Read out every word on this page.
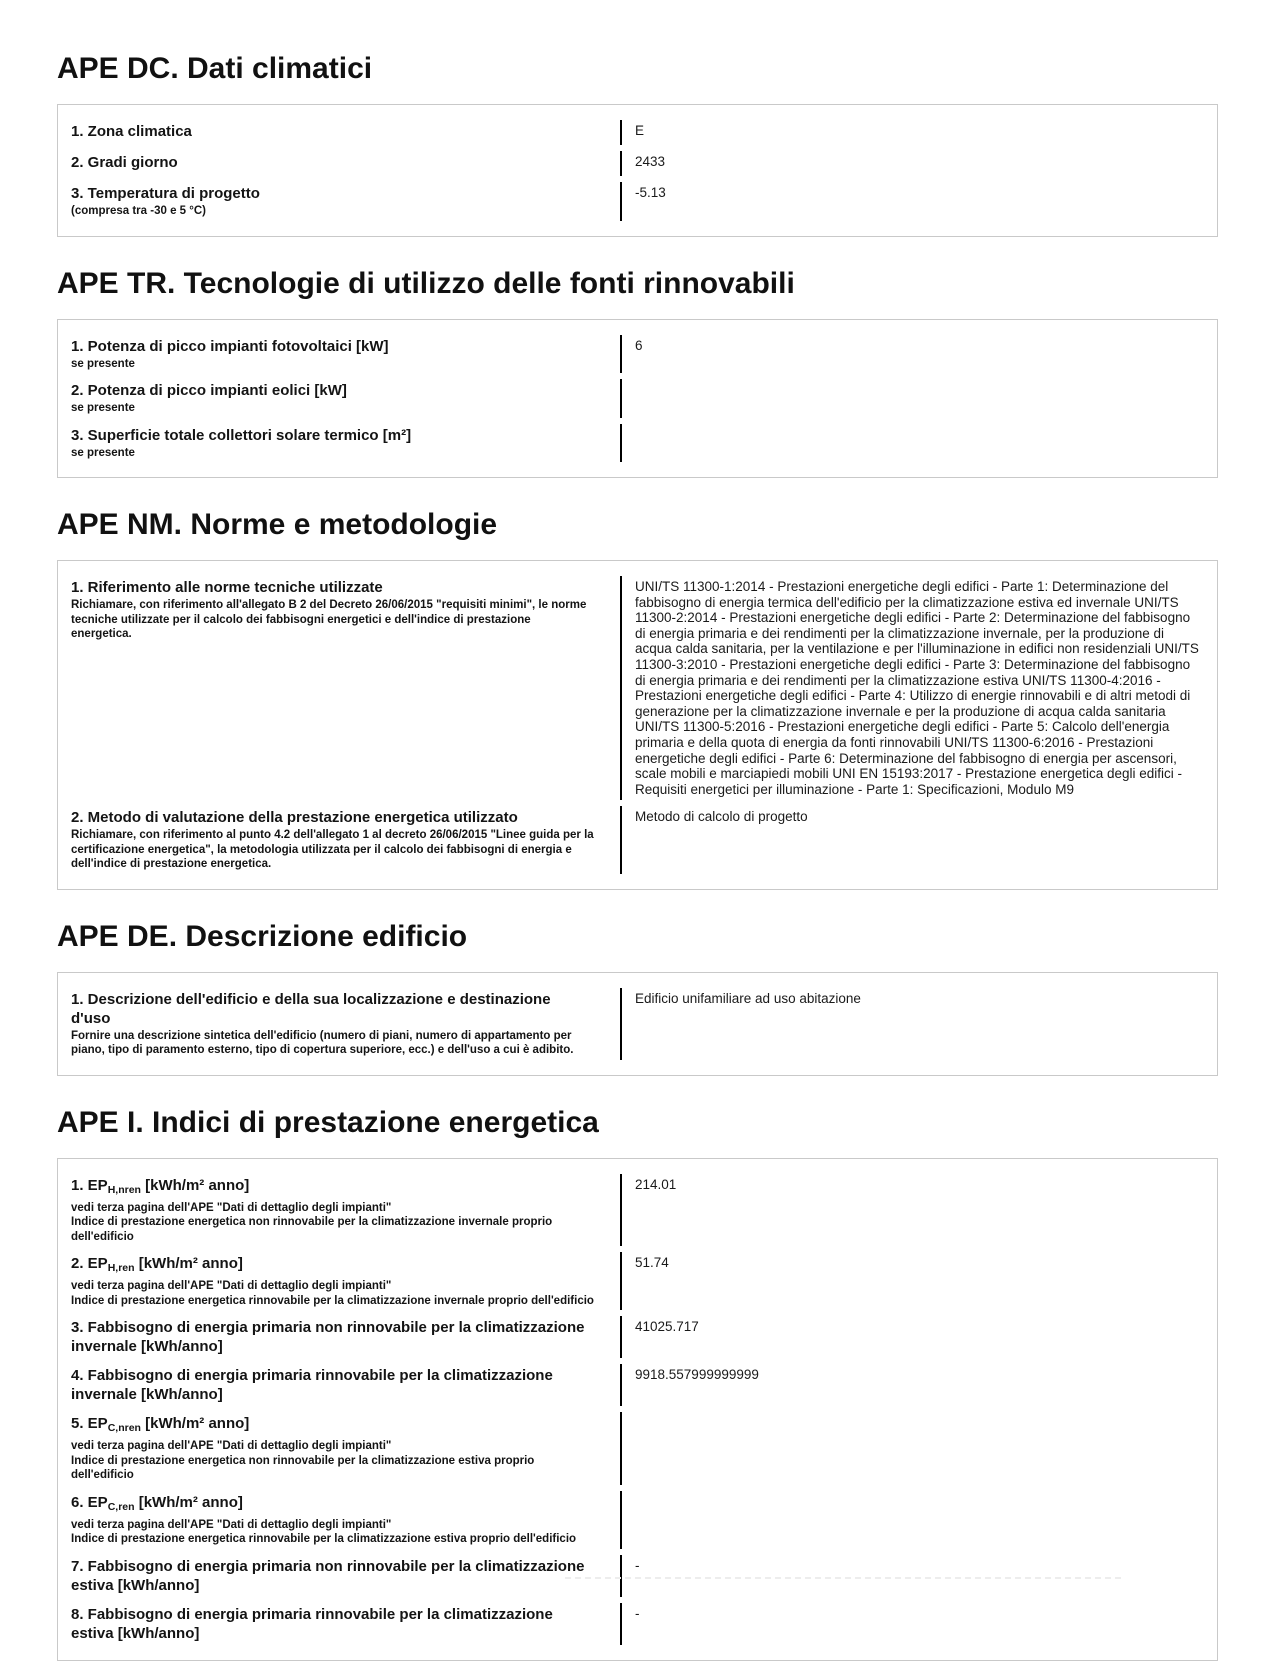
APE DC. Dati climatici
1. Zona climatica	E
2. Gradi giorno	2433
3. Temperatura di progetto
(compresa tra -30 e 5 °C)
-5.13
APE TR. Tecnologie di utilizzo delle fonti rinnovabili
1. Potenza di picco impianti fotovoltaici [kW]
se presente
6
2. Potenza di picco impianti eolici [kW]
se presente
3. Superficie totale collettori solare termico [m²]
se presente
APE NM. Norme e metodologie
1. Riferimento alle norme tecniche utilizzate
Richiamare, con riferimento all'allegato B 2 del Decreto 26/06/2015 "requisiti minimi", le norme tecniche utilizzate per il calcolo dei fabbisogni energetici e dell'indice di prestazione energetica.
UNI/TS 11300-1:2014 - Prestazioni energetiche degli edifici - Parte 1: Determinazione del fabbisogno di energia termica dell'edificio per la climatizzazione estiva ed invernale UNI/TS 11300-2:2014 - Prestazioni energetiche degli edifici - Parte 2: Determinazione del fabbisogno di energia primaria e dei rendimenti per la climatizzazione invernale, per la produzione di acqua calda sanitaria, per la ventilazione e per l'illuminazione in edifici non residenziali UNI/TS 11300-3:2010 - Prestazioni energetiche degli edifici - Parte 3: Determinazione del fabbisogno di energia primaria e dei rendimenti per la climatizzazione estiva UNI/TS 11300-4:2016 - Prestazioni energetiche degli edifici - Parte 4: Utilizzo di energie rinnovabili e di altri metodi di generazione per la climatizzazione invernale e per la produzione di acqua calda sanitaria UNI/TS 11300-5:2016 - Prestazioni energetiche degli edifici - Parte 5: Calcolo dell'energia primaria e della quota di energia da fonti rinnovabili UNI/TS 11300-6:2016 - Prestazioni energetiche degli edifici - Parte 6: Determinazione del fabbisogno di energia per ascensori, scale mobili e marciapiedi mobili UNI EN 15193:2017 - Prestazione energetica degli edifici - Requisiti energetici per illuminazione - Parte 1: Specificazioni, Modulo M9
2. Metodo di valutazione della prestazione energetica utilizzato
Richiamare, con riferimento al punto 4.2 dell'allegato 1 al decreto 26/06/2015 "Linee guida per la certificazione energetica", la metodologia utilizzata per il calcolo dei fabbisogni di energia e dell'indice di prestazione energetica.
Metodo di calcolo di progetto
APE DE. Descrizione edificio
1. Descrizione dell'edificio e della sua localizzazione e destinazione d'uso
Fornire una descrizione sintetica dell'edificio (numero di piani, numero di appartamento per piano, tipo di paramento esterno, tipo di copertura superiore, ecc.) e dell'uso a cui è adibito.
Edificio unifamiliare ad uso abitazione
APE I. Indici di prestazione energetica
1. $EP_{H,nren}$ [kWh/m² anno]
vedi terza pagina dell'APE "Dati di dettaglio degli impianti"
Indice di prestazione energetica non rinnovabile per la climatizzazione invernale proprio dell'edificio
214.01
2. $EP_{H,ren}$ [kWh/m² anno]
vedi terza pagina dell'APE "Dati di dettaglio degli impianti"
Indice di prestazione energetica rinnovabile per la climatizzazione invernale proprio dell'edificio
51.74
3. Fabbisogno di energia primaria non rinnovabile per la climatizzazione invernale [kWh/anno]
41025.717
4. Fabbisogno di energia primaria rinnovabile per la climatizzazione invernale [kWh/anno]
9918.557999999999
5. $EP_{C,nren}$ [kWh/m² anno]
vedi terza pagina dell'APE "Dati di dettaglio degli impianti"
Indice di prestazione energetica non rinnovabile per la climatizzazione estiva proprio dell'edificio
6. $EP_{C,ren}$ [kWh/m² anno]
vedi terza pagina dell'APE "Dati di dettaglio degli impianti"
Indice di prestazione energetica rinnovabile per la climatizzazione estiva proprio dell'edificio
7. Fabbisogno di energia primaria non rinnovabile per la climatizzazione estiva [kWh/anno]
-
8. Fabbisogno di energia primaria rinnovabile per la climatizzazione estiva [kWh/anno]
-
